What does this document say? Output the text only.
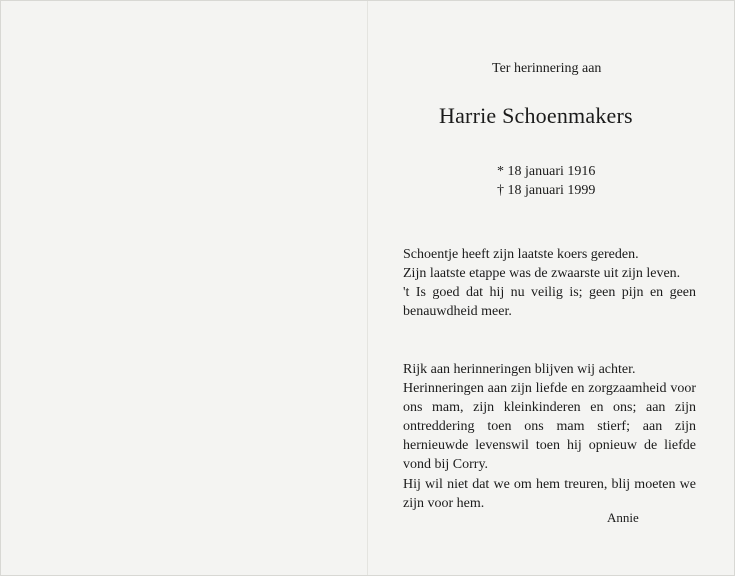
Ter herinnering aan
Harrie Schoenmakers
* 18 januari 1916
† 18 januari 1999

Schoentje heeft zijn laatste koers gereden.

Zijn laatste etappe was de zwaarste uit zijn leven.

't Is goed dat hij nu veilig is; geen pijn en geen benauwdheid meer.

Rijk aan herinneringen blijven wij achter.

Herinneringen aan zijn liefde en zorgzaamheid voor ons mam, zijn kleinkinderen en ons; aan zijn ontreddering toen ons mam stierf; aan zijn hernieuwde levenswil toen hij opnieuw de liefde vond bij Corry.

Hij wil niet dat we om hem treuren, blij moeten we zijn voor hem.

Annie
